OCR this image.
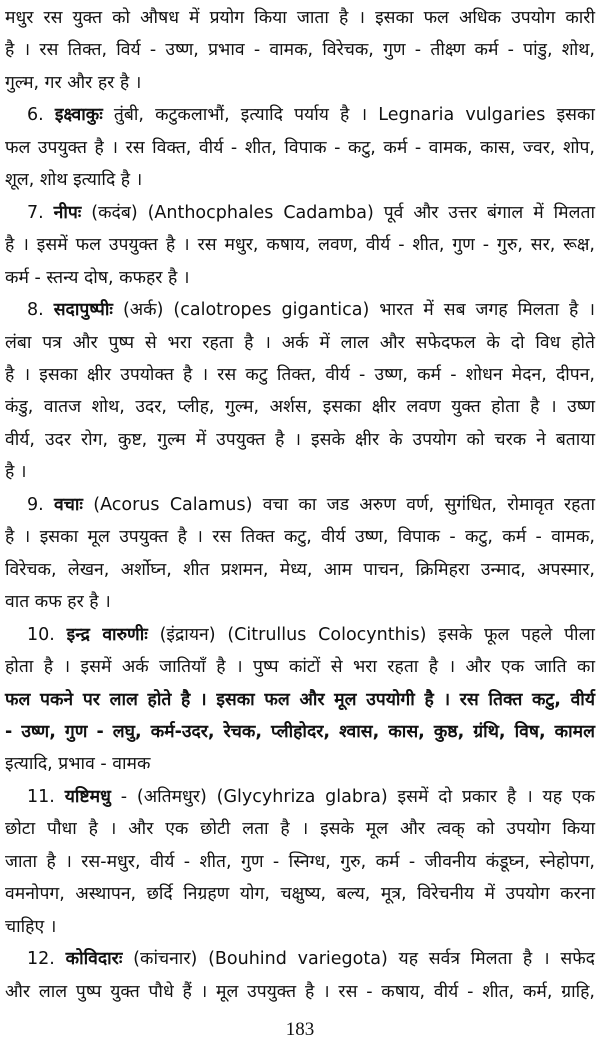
मधुर रस युक्त को औषध में प्रयोग किया जाता है । इसका फल अधिक उपयोग कारी
है । रस तिक्त, विर्य - उष्ण, प्रभाव - वामक, विरेचक, गुण - तीक्ष्ण कर्म - पांडु, शोथ,
गुल्म, गर और हर है ।
6. इक्ष्वाकुः तुंबी, कटुकलाभौं, इत्यादि पर्याय है । Legnaria vulgaries इसका
फल उपयुक्त है । रस विक्त, वीर्य - शीत, विपाक - कटु, कर्म - वामक, कास, ज्वर, शोप,
शूल, शोथ इत्यादि है ।
7. नीपः (कदंब) (Anthocphales Cadamba) पूर्व और उत्तर बंगाल में मिलता
है । इसमें फल उपयुक्त है । रस मधुर, कषाय, लवण, वीर्य - शीत, गुण - गुरु, सर, रूक्ष,
कर्म - स्तन्य दोष, कफहर है ।
8. सदापुष्पीः (अर्क) (calotropes gigantica) भारत में सब जगह मिलता है ।
लंबा पत्र और पुष्प से भरा रहता है । अर्क में लाल और सफेदफल के दो विध होते
है । इसका क्षीर उपयोक्त है । रस कटु तिक्त, वीर्य - उष्ण, कर्म - शोधन मेदन, दीपन,
कंडु, वातज शोथ, उदर, प्लीह, गुल्म, अर्शस, इसका क्षीर लवण युक्त होता है । उष्ण
वीर्य, उदर रोग, कुष्ट, गुल्म में उपयुक्त है । इसके क्षीर के उपयोग को चरक ने बताया
है ।
9. वचाः (Acorus Calamus) वचा का जड अरुण वर्ण, सुगंधित, रोमावृत रहता
है । इसका मूल उपयुक्त है । रस तिक्त कटु, वीर्य उष्ण, विपाक - कटु, कर्म - वामक,
विरेचक, लेखन, अर्शोघ्न, शीत प्रशमन, मेध्य, आम पाचन, क्रिमिहरा उन्माद, अपस्मार,
वात कफ हर है ।
10. इन्द्र वारुणीः (इंद्रायन) (Citrullus Colocynthis) इसके फूल पहले पीला
होता है । इसमें अर्क जातियाँ है । पुष्प कांटों से भरा रहता है । और एक जाति का
फल पकने पर लाल होते है । इसका फल और मूल उपयोगी है । रस तिक्त कटु, वीर्य
- उष्ण, गुण - लघु, कर्म-उदर, रेचक, प्लीहोदर, श्वास, कास, कुष्ठ, ग्रंथि, विष, कामल
इत्यादि, प्रभाव - वामक
11. यष्टिमधु - (अतिमधुर) (Glycyhriza glabra) इसमें दो प्रकार है । यह एक
छोटा पौधा है । और एक छोटी लता है । इसके मूल और त्वक् को उपयोग किया
जाता है । रस-मधुर, वीर्य - शीत, गुण - स्निग्ध, गुरु, कर्म - जीवनीय कंडूघ्न, स्नेहोपग,
वमनोपग, अस्थापन, छर्दि निग्रहण योग, चक्षुष्य, बल्य, मूत्र, विरेचनीय में उपयोग करना
चाहिए ।
12. कोविदारः (कांचनार) (Bouhind variegota) यह सर्वत्र मिलता है । सफेद
और लाल पुष्प युक्त पौधे हैं । मूल उपयुक्त है । रस - कषाय, वीर्य - शीत, कर्म, ग्राहि,
183
